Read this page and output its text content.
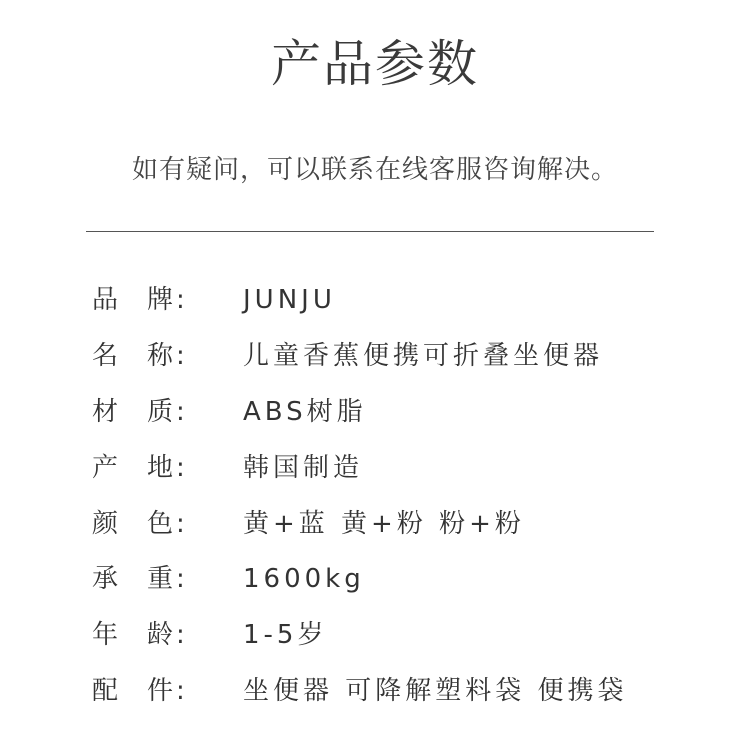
产品参数
如有疑问，可以联系在线客服咨询解决。
品 牌 : JUNJU
名 称 : 儿童香蕉便携可折叠坐便器
材 质 : ABS树脂
产 地 : 韩国制造
颜 色 : 黄+蓝 黄+粉 粉+粉
承 重 : 1600kg
年 龄 : 1-5岁
配 件 : 坐便器 可降解塑料袋 便携袋
